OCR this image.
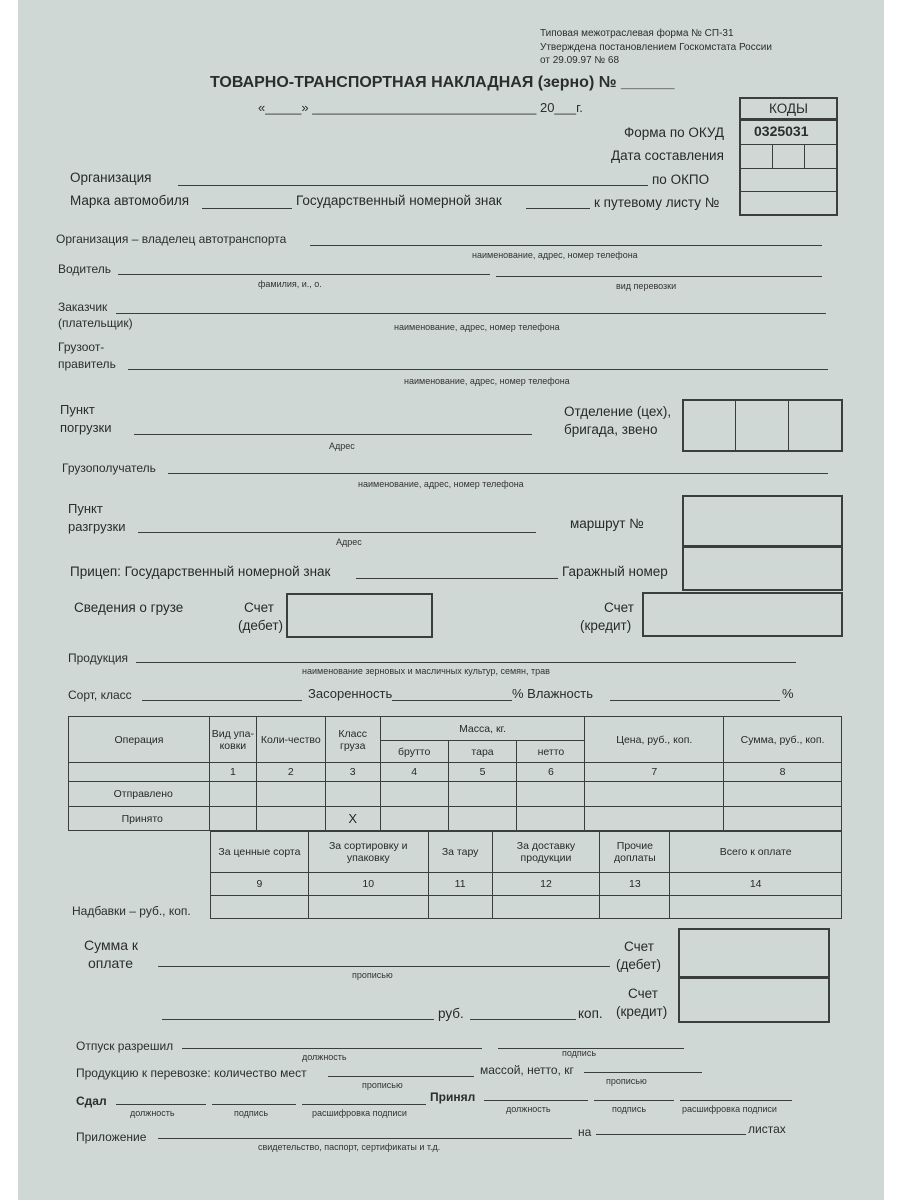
Типовая межотраслевая форма № СП-31
Утверждена постановлением Госкомстата России
от 29.09.97 № 68
ТОВАРНО-ТРАНСПОРТНАЯ НАКЛАДНАЯ (зерно) № ______
«_____» _______________________________ 20___г.	КОДЫ
0325031
Форма по ОКУД
Дата составления
Организация	по ОКПО
Марка автомобиля	Государственный номерной знак	к путевому листу №
Организация – владелец автотранспорта
наименование, адрес, номер телефона
Водитель
фамилия, и., о.	вид перевозки
Заказчик
(плательщик)	наименование, адрес, номер телефона
Грузоот-
правитель
наименование, адрес, номер телефона
Пункт
погрузки
Адрес
Отделение (цех),
бригада, звено
Грузополучатель
наименование, адрес, номер телефона
Пункт
разгрузки
Адрес
маршрут №
Прицеп: Государственный номерной знак	Гаражный номер
Сведения о грузе	Счет
(дебет)
Счет
(кредит)
Продукция
наименование зерновых и масличных культур, семян, трав
Сорт, класс	Засоренность	% Влажность	%
Операция	Вид упа-ковки	Коли-чество	Класс груза	Масса, кг.			Цена, руб., коп.	Сумма, руб., коп.
				брутто	тара	нетто		
	1	2	3	4	5	6	7	8
Отправлено								
Принято			X					
За ценные сорта	За сортировку и упаковку	За тару	За доставку продукции	Прочие доплаты	Всего к оплате
9	10	11	12	13	14

Надбавки – руб., коп.
Сумма к
оплате
прописью
руб.	коп.
Счет
(дебет)
Счет
(кредит)
Отпуск разрешил
должность	подпись
Продукцию к перевозке: количество мест
прописью
массой, нетто, кг
прописью
Сдал
должность	подпись	расшифровка подписи
Принял
должность	подпись	расшифровка подписи
Приложение
свидетельство, паспорт, сертификаты и т.д.
на	листах
